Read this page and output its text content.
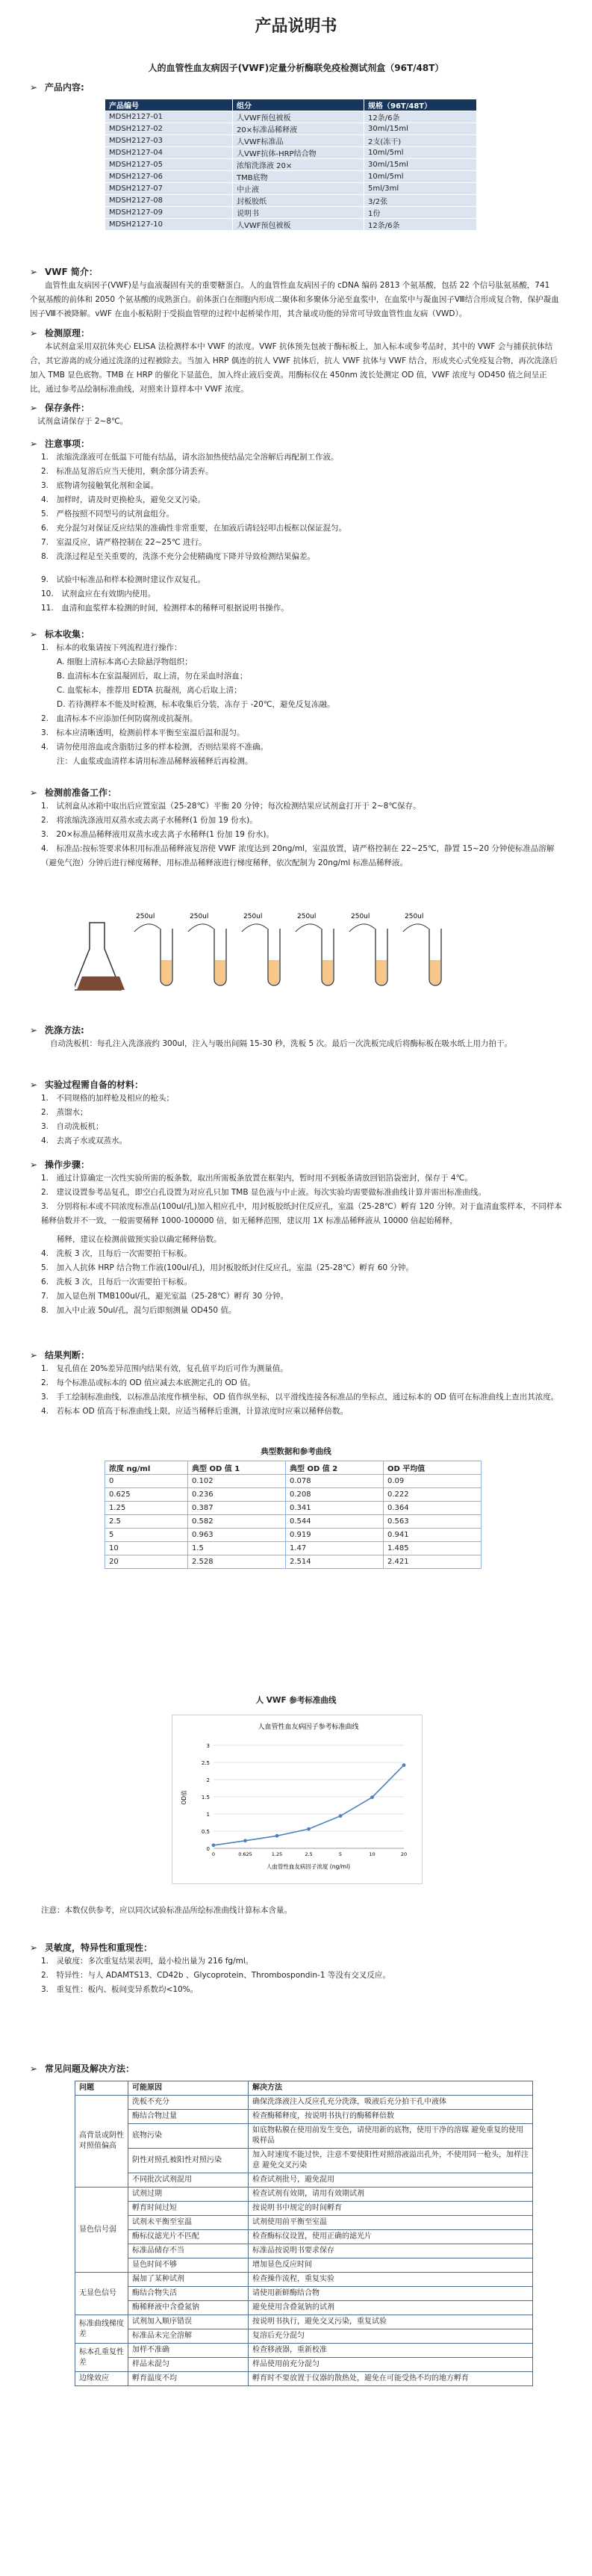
产品说明书
人的血管性血友病因子(VWF)定量分析酶联免疫检测试剂盒（96T/48T）
➢ 产品内容:
产品编号	组分	规格（96T/48T）
MDSH2127-01	人VWF预包被板	12条/6条
MDSH2127-02	20×标准品稀释液	30ml/15ml
MDSH2127-03	人VWF标准品	2支(冻干)
MDSH2127-04	人VWF抗体-HRP结合物	10ml/5ml
MDSH2127-05	浓缩洗涤液 20×	30ml/15ml
MDSH2127-06	TMB底物	10ml/5ml
MDSH2127-07	中止液	5ml/3ml
MDSH2127-08	封板胶纸	3/2张
MDSH2127-09	说明书	1份
MDSH2127-10	人VWF预包被板	12条/6条
➢ VWF 简介：
血管性血友病因子(VWF)是与血液凝固有关的重要糖蛋白。人的血管性血友病因子的 cDNA 编码 2813 个氨基酸，包括 22 个信号肽氨基酸，741 个氨基酸的前体和 2050 个氨基酸的成熟蛋白。前体蛋白在细胞内形成二聚体和多聚体分泌至血浆中，在血浆中与凝血因子Ⅷ结合形成复合物，保护凝血因子Ⅷ不被降解。vWF 在血小板粘附于受损血管壁的过程中起桥梁作用，其含量或功能的异常可导致血管性血友病（VWD）。
➢ 检测原理：
本试剂盒采用双抗体夹心 ELISA 法检测样本中 VWF 的浓度。VWF 抗体预先包被于酶标板上，加入标本或参考品时，其中的 VWF 会与捕获抗体结合，其它游离的成分通过洗涤的过程被除去。当加入 HRP 偶连的抗人 VWF 抗体后，抗人 VWF 抗体与 VWF 结合，形成夹心式免疫复合物，再次洗涤后加入 TMB 显色底物。TMB 在 HRP 的催化下显蓝色，加入终止液后变黄。用酶标仪在 450nm 波长处测定 OD 值，VWF 浓度与 OD450 值之间呈正比，通过参考品绘制标准曲线，对照来计算样本中 VWF 浓度。
➢ 保存条件：
试剂盒请保存于 2~8℃。
➢ 注意事项：
1.　浓缩洗涤液可在低温下可能有结晶，请水浴加热使结晶完全溶解后再配制工作液。
2.　标准品复溶后应当天使用，剩余部分请丢弃。
3.　底物请勿接触氧化剂和金属。
4.　加样时，请及时更换枪头，避免交叉污染。
5.　严格按照不同型号的试剂盒组分。
6.　充分混匀对保证反应结果的准确性非常重要，在加液后请轻轻叩击板框以保证混匀。
7.　室温反应，请严格控制在 22~25℃ 进行。
8.　洗涤过程是至关重要的，洗涤不充分会使精确度下降并导致检测结果偏差。
9.　试验中标准品和样本检测时建议作双复孔。
10.　试剂盒应在有效期内使用。
11.　血清和血浆样本检测的时间，检测样本的稀释可根据说明书操作。
➢ 标本收集：
1.　标本的收集请按下列流程进行操作：
　　A. 细胞上清标本离心去除悬浮物组织；
　　B. 血清标本在室温凝固后，取上清，勿在采血时溶血；
　　C. 血浆标本，推荐用 EDTA 抗凝剂，离心后取上清；
　　D. 若待测样本不能及时检测，标本收集后分装，冻存于 -20℃，避免反复冻融。
2.　血清标本不应添加任何防腐剂或抗凝剂。
3.　标本应清晰透明，检测前样本平衡至室温后温和混匀。
4.　请勿使用溶血或含脂肪过多的样本检测，否则结果将不准确。
　　注：人血浆或血清样本请用标准品稀释液稀释后再检测。
➢ 检测前准备工作：
1.　试剂盒从冰箱中取出后应置室温（25-28℃）平衡 20 分钟；每次检测结果应试剂盒打开于 2~8℃保存。
2.　将浓缩洗涤液用双蒸水或去离子水稀释(1 份加 19 份水)。
3.　20×标准品稀释液用双蒸水或去离子水稀释(1 份加 19 份水)。
4.　标准品:按标签要求体积用标准品稀释液复溶使 VWF 浓度达到 20ng/ml，室温放置，请严格控制在 22~25℃，静置 15~20 分钟使标准品溶解（避免气泡）分钟后进行梯度稀释，用标准品稀释液进行梯度稀释，依次配制为 20ng/ml 标准品稀释液。
250ul	250ul	250ul	250ul	250ul	250ul
➢ 洗涤方法:
自动洗板机：每孔注入洗涤液约 300ul，注入与吸出间隔 15-30 秒，洗板 5 次。最后一次洗板完成后将酶标板在吸水纸上用力拍干。
➢ 实验过程需自备的材料：
1.　不同规格的加样枪及相应的枪头；
2.　蒸馏水；
3.　自动洗板机；
4.　去离子水或双蒸水。
➢ 操作步骤：
1.　通过计算确定一次性实验所需的板条数，取出所需板条放置在框架内，暂时用不到板条请放回铝箔袋密封，保存于 4℃。
2.　建议设置参考品复孔，即空白孔设置为对应孔只加 TMB 显色液与中止液。每次实验均需要做标准曲线计算并需出标准曲线。
3.　分别将标本或不同浓度标准品(100ul/孔)加入相应孔中，用封板胶纸封住反应孔，室温（25-28℃）孵育 120 分钟。对于血清血浆样本，不同样本稀释倍数并不一致，一般需要稀释 1000-100000 倍，如无稀释范围，建议用 1X 标准品稀释液从 10000 倍起始稀释，
　　稀释，建议在检测前做预实验以确定稀释倍数。
4.　洗板 3 次，且每后一次需要拍干标板。
5.　加入人抗体 HRP 结合物工作液(100ul/孔)，用封板胶纸封住反应孔，室温（25-28℃）孵育 60 分钟。
6.　洗板 3 次，且每后一次需要拍干标板。
7.　加入显色剂 TMB100ul/孔，避光室温（25-28℃）孵育 30 分钟。
8.　加入中止液 50ul/孔，混匀后即刻测量 OD450 值。
➢ 结果判断：
1.　复孔值在 20%差异范围内结果有效，复孔值平均后可作为测量值。
2.　每个标准品或标本的 OD 值应减去本底测定孔的 OD 值。
3.　手工绘制标准曲线，以标准品浓度作横坐标，OD 值作纵坐标，以平滑线连接各标准品的坐标点，通过标本的 OD 值可在标准曲线上查出其浓度。
4.　若标本 OD 值高于标准曲线上限，应适当稀释后重测，计算浓度时应乘以稀释倍数。
典型数据和参考曲线
浓度 ng/ml	典型 OD 值 1	典型 OD 值 2	OD 平均值
0	0.102	0.078	0.09
0.625	0.236	0.208	0.222
1.25	0.387	0.341	0.364
2.5	0.582	0.544	0.563
5	0.963	0.919	0.941
10	1.5	1.47	1.485
20	2.528	2.514	2.421
人 VWF 参考标准曲线
人血管性血友病因子参考标准曲线
0
0.5
1
1.5
2
2.5
3
0	0.625	1.25	2.5	5	10	20
人血管性血友病因子浓度 (ng/ml)
OD值
注意：本数仅供参考，应以同次试验标准品所绘标准曲线计算标本含量。
➢ 灵敏度，特异性和重现性：
1.　灵敏度：多次重复结果表明，最小检出量为 216 fg/ml。
2.　特异性：与人 ADAMTS13、CD42b 、Glycoprotein、Thrombospondin-1 等没有交叉反应。
3.　重复性：板内、板间变异系数均<10%。
➢ 常见问题及解决方法：
问题	可能原因	解决方法
高背景或阴性对照值偏高	洗板不充分	确保洗涤液注入反应孔充分洗涤，吸液后充分拍干孔中液体
	酶结合物过量	检查酶稀释度，按说明书执行的酶稀释倍数
	底物污染	如底物粘膜在使用前发生变色，请使用新的底物，使用干净的溶媒 避免重复的使用 吸样品
	阴性对照孔被阳性对照污染	加入时速度不能过快，注意不要使阳性对照溶液溢出孔外，不使用同一枪头，加样注意 避免交叉污染
	不同批次试剂混用	检查试剂批号，避免混用
显色信号弱	试剂过期	检查试剂有效期，请用有效期试剂
	孵育时间过短	按说明书中规定的时间孵育
	试剂未平衡至室温	试剂使用前平衡至室温
	酶标仪滤光片不匹配	检查酶标仪设置，使用正确的滤光片
	标准品储存不当	标准品按说明书要求保存
	显色时间不够	增加显色反应时间
无显色信号	漏加了某种试剂	检查操作流程，重复实验
	酶结合物失活	请使用新鲜酶结合物
	酶稀释液中含叠氮钠	避免使用含叠氮钠的试剂
标准曲线梯度差	试剂加入顺序错误	按说明书执行，避免交叉污染，重复试验
	标准品未完全溶解	复溶后充分混匀
标本孔重复性差	加样不准确	检查移液器，重新校准
	样品未混匀	样品使用前充分混匀
边缘效应	孵育温度不均	孵育时不要放置于仪器的散热处，避免在可能受热不均的地方孵育
